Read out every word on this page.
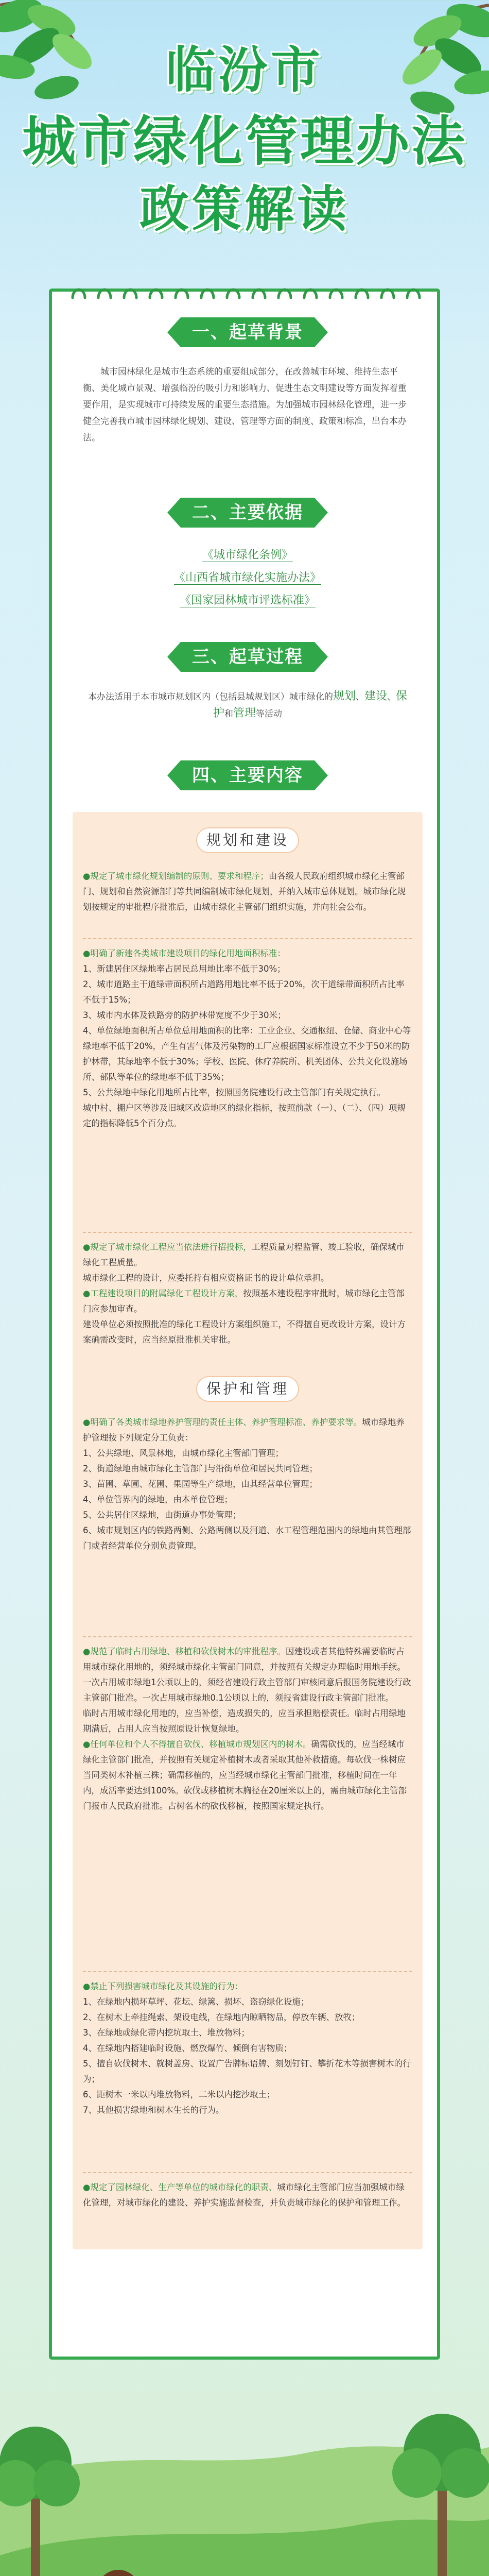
临汾市
城市绿化管理办法
政策解读
一、起草背景
城市园林绿化是城市生态系统的重要组成部分，在改善城市环境、维持生态平衡、美化城市景观、增强临汾的吸引力和影响力、促进生态文明建设等方面发挥着重要作用，是实现城市可持续发展的重要生态措施。为加强城市园林绿化管理，进一步健全完善我市城市园林绿化规划、建设、管理等方面的制度、政策和标准，出台本办法。
二、主要依据
《城市绿化条例》
《山西省城市绿化实施办法》
《国家园林城市评选标准》
三、起草过程
本办法适用于本市城市规划区内（包括县城规划区）城市绿化的规划、建设、保护和管理等活动
四、主要内容
规划和建设
● 规定了城市绿化规划编制的原则、要求和程序；由各级人民政府组织城市绿化主管部门、规划和自然资源部门等共同编制城市绿化规划，并纳入城市总体规划。城市绿化规划按规定的审批程序批准后，由城市绿化主管部门组织实施，并向社会公布。
● 明确了新建各类城市建设项目的绿化用地面积标准：
1、新建居住区绿地率占居民总用地比率不低于30%；
2、城市道路主干道绿带面积所占道路用地比率不低于20%，次干道绿带面积所占比率不低于15%；
3、城市内水体及铁路旁的防护林带宽度不少于30米；
4、单位绿地面积所占单位总用地面积的比率：工业企业、交通枢纽、仓储、商业中心等绿地率不低于20%，产生有害气体及污染物的工厂应根据国家标准设立不少于50米的防护林带，其绿地率不低于30%；学校、医院、休疗养院所、机关团体、公共文化设施场所、部队等单位的绿地率不低于35%；
5、公共绿地中绿化用地所占比率，按照国务院建设行政主管部门有关规定执行。
城中村、棚户区等涉及旧城区改造地区的绿化指标，按照前款（一）、（二）、（四）项规定的指标降低5个百分点。
● 规定了城市绿化工程应当依法进行招投标，工程质量对程监管、竣工验收，确保城市绿化工程质量。
城市绿化工程的设计，应委托持有相应资格证书的设计单位承担。
● 工程建设项目的附属绿化工程设计方案，按照基本建设程序审批时，城市绿化主管部门应参加审查。
建设单位必须按照批准的绿化工程设计方案组织施工，不得擅自更改设计方案，设计方案确需改变时，应当经原批准机关审批。
保护和管理
● 明确了各类城市绿地养护管理的责任主体、养护管理标准、养护要求等。城市绿地养护管理按下列规定分工负责：
1、公共绿地、风景林地，由城市绿化主管部门管理；
2、街道绿地由城市绿化主管部门与沿街单位和居民共同管理；
3、苗圃、草圃、花圃、果园等生产绿地，由其经营单位管理；
4、单位管界内的绿地，由本单位管理；
5、公共居住区绿地，由街道办事处管理；
6、城市规划区内的铁路两侧、公路两侧以及河道、水工程管理范围内的绿地由其管理部门或者经营单位分别负责管理。
● 规范了临时占用绿地、移植和砍伐树木的审批程序。因建设或者其他特殊需要临时占用城市绿化用地的，须经城市绿化主管部门同意，并按照有关规定办理临时用地手续。
一次占用城市绿地1公顷以上的，须经省建设行政主管部门审核同意后报国务院建设行政主管部门批准。一次占用城市绿地0.1公顷以上的，须报省建设行政主管部门批准。
临时占用城市绿化用地的，应当补偿，造成损失的，应当承担赔偿责任。临时占用绿地期满后，占用人应当按照原设计恢复绿地。
● 任何单位和个人不得擅自砍伐、移植城市规划区内的树木。确需砍伐的，应当经城市绿化主管部门批准，并按照有关规定补植树木或者采取其他补救措施。每砍伐一株树应当同类树木补植三株；确需移植的，应当经城市绿化主管部门批准，移植时间在一年内，成活率要达到100%。砍伐或移植树木胸径在20厘米以上的，需由城市绿化主管部门报市人民政府批准。古树名木的砍伐移植，按照国家规定执行。
● 禁止下列损害城市绿化及其设施的行为：
1、在绿地内损坏草坪、花坛、绿篱、损坏、盗窃绿化设施；
2、在树木上牵挂绳索、架设电线，在绿地内晾晒物品，停放车辆、放牧；
3、在绿地或绿化带内挖坑取土、堆放物料；
4、在绿地内搭建临时设施、燃放爆竹、倾倒有害物质；
5、擅自砍伐树木、就树盖房、设置广告牌标语牌、刻划钉钉、攀折花木等损害树木的行为；
6、距树木一米以内堆放物料，二米以内挖沙取土；
7、其他损害绿地和树木生长的行为。
● 规定了园林绿化、生产等单位的城市绿化的职责、城市绿化主管部门应当加强城市绿化管理，对城市绿化的建设、养护实施监督检查，并负责城市绿化的保护和管理工作。
